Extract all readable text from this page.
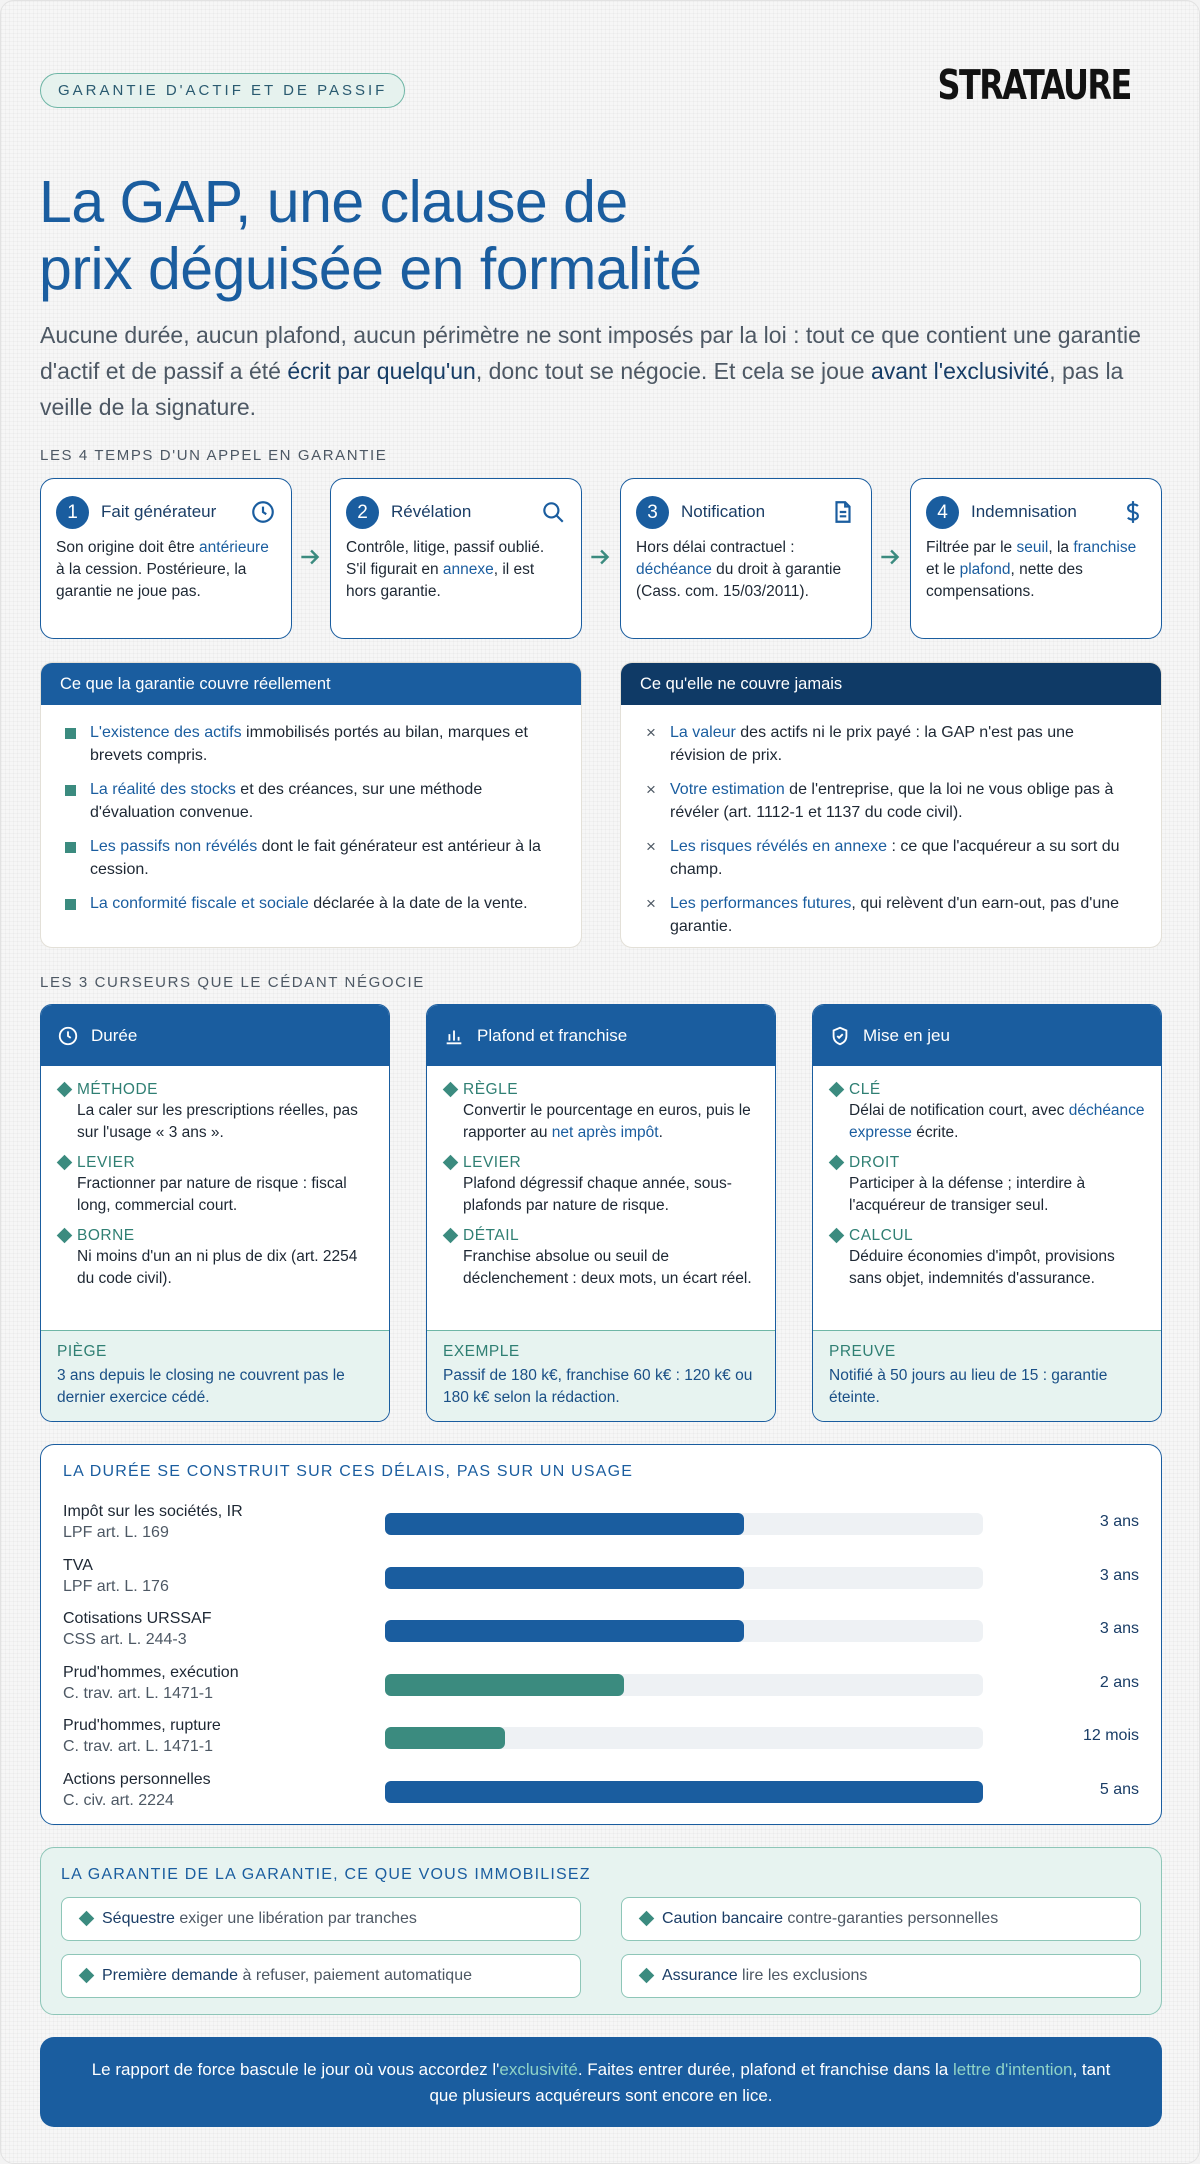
GARANTIE D'ACTIF ET DE PASSIF	STRATAURE
La GAP, une clause de
prix déguisée en formalité

Aucune durée, aucun plafond, aucun périmètre ne sont imposés par la loi : tout ce que contient une garantie d'actif et de passif a été écrit par quelqu'un, donc tout se négocie. Et cela se joue avant l'exclusivité, pas la veille de la signature.

LES 4 TEMPS D'UN APPEL EN GARANTIE
1	Fait générateur
Son origine doit être antérieure à la cession. Postérieure, la garantie ne joue pas.
2	Révélation
Contrôle, litige, passif oublié. S'il figurait en annexe, il est hors garantie.
3	Notification
Hors délai contractuel : déchéance du droit à garantie (Cass. com. 15/03/2011).
4	Indemnisation
Filtrée par le seuil, la franchise et le plafond, nette des compensations.
Ce que la garantie couvre réellement
L'existence des actifs immobilisés portés au bilan, marques et brevets compris.
La réalité des stocks et des créances, sur une méthode d'évaluation convenue.
Les passifs non révélés dont le fait générateur est antérieur à la cession.
La conformité fiscale et sociale déclarée à la date de la vente.
Ce qu'elle ne couvre jamais
× La valeur des actifs ni le prix payé : la GAP n'est pas une révision de prix.
× Votre estimation de l'entreprise, que la loi ne vous oblige pas à révéler (art. 1112-1 et 1137 du code civil).
× Les risques révélés en annexe : ce que l'acquéreur a su sort du champ.
× Les performances futures, qui relèvent d'un earn-out, pas d'une garantie.
LES 3 CURSEURS QUE LE CÉDANT NÉGOCIE
Durée
MÉTHODE
La caler sur les prescriptions réelles, pas sur l'usage « 3 ans ».
LEVIER
Fractionner par nature de risque : fiscal long, commercial court.
BORNE
Ni moins d'un an ni plus de dix (art. 2254 du code civil).
PIÈGE
3 ans depuis le closing ne couvrent pas le dernier exercice cédé.
Plafond et franchise
RÈGLE
Convertir le pourcentage en euros, puis le rapporter au net après impôt.
LEVIER
Plafond dégressif chaque année, sous-plafonds par nature de risque.
DÉTAIL
Franchise absolue ou seuil de déclenchement : deux mots, un écart réel.
EXEMPLE
Passif de 180 k€, franchise 60 k€ : 120 k€ ou 180 k€ selon la rédaction.
Mise en jeu
CLÉ
Délai de notification court, avec déchéance expresse écrite.
DROIT
Participer à la défense ; interdire à l'acquéreur de transiger seul.
CALCUL
Déduire économies d'impôt, provisions sans objet, indemnités d'assurance.
PREUVE
Notifié à 50 jours au lieu de 15 : garantie éteinte.
LA DURÉE SE CONSTRUIT SUR CES DÉLAIS, PAS SUR UN USAGE
Impôt sur les sociétés, IR
LPF art. L. 169
3 ans
TVA
LPF art. L. 176
3 ans
Cotisations URSSAF
CSS art. L. 244-3
3 ans
Prud'hommes, exécution
C. trav. art. L. 1471-1
2 ans
Prud'hommes, rupture
C. trav. art. L. 1471-1
12 mois
Actions personnelles
C. civ. art. 2224
5 ans
LA GARANTIE DE LA GARANTIE, CE QUE VOUS IMMOBILISEZ
Séquestre exiger une libération par tranches	Caution bancaire contre-garanties personnelles
Première demande à refuser, paiement automatique	Assurance lire les exclusions
Le rapport de force bascule le jour où vous accordez l'exclusivité. Faites entrer durée, plafond et franchise dans la lettre d'intention, tant que plusieurs acquéreurs sont encore en lice.
